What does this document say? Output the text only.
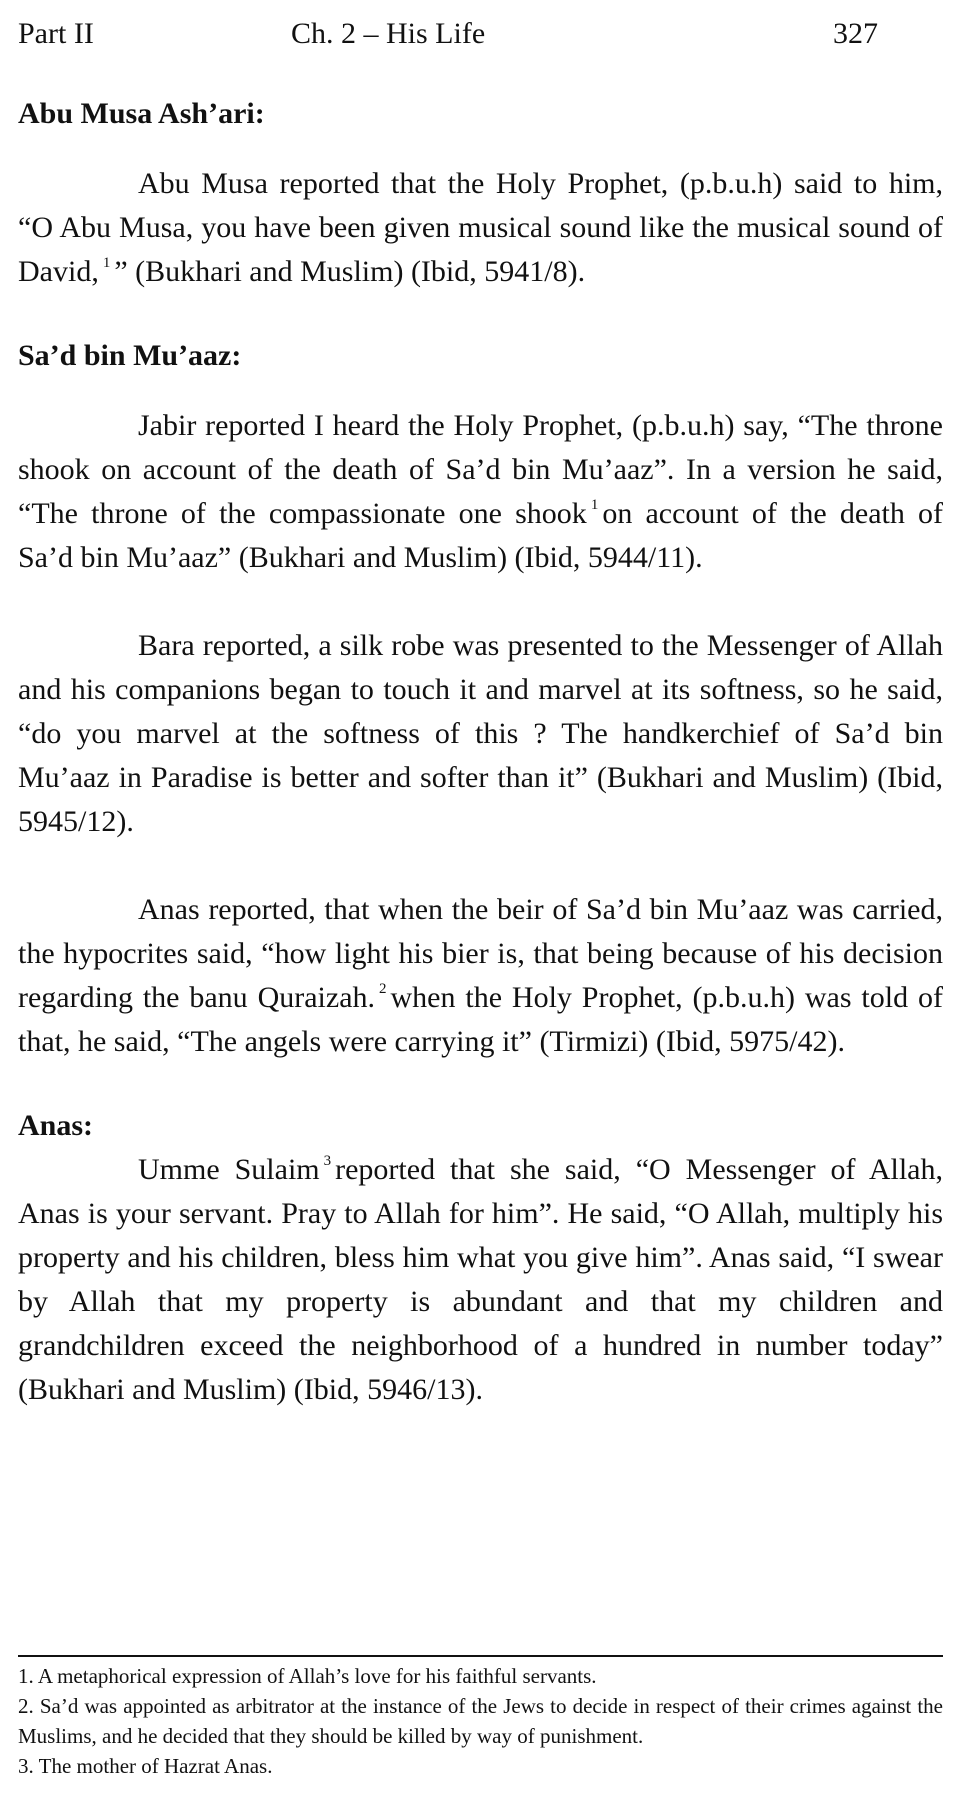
Part II	Ch. 2 – His Life	327
Abu Musa Ash’ari:

Abu Musa reported that the Holy Prophet, (p.b.u.h) said to him, “O Abu Musa, you have been given musical sound like the musical sound of David, $^1$ ” (Bukhari and Muslim) (Ibid, 5941/8).

Sa’d bin Mu’aaz:

Jabir reported I heard the Holy Prophet, (p.b.u.h) say, “The throne shook on account of the death of Sa’d bin Mu’aaz”. In a version he said, “The throne of the compassionate one shook $^1$ on account of the death of Sa’d bin Mu’aaz” (Bukhari and Muslim) (Ibid, 5944/11).

Bara reported, a silk robe was presented to the Messenger of Allah and his companions began to touch it and marvel at its softness, so he said, “do you marvel at the softness of this ? The handkerchief of Sa’d bin Mu’aaz in Paradise is better and softer than it” (Bukhari and Muslim) (Ibid, 5945/12).

Anas reported, that when the beir of Sa’d bin Mu’aaz was carried, the hypocrites said, “how light his bier is, that being because of his decision regarding the banu Quraizah. $^2$ when the Holy Prophet, (p.b.u.h) was told of that, he said, “The angels were carrying it” (Tirmizi) (Ibid, 5975/42).

Anas:

Umme Sulaim $^3$ reported that she said, “O Messenger of Allah, Anas is your servant. Pray to Allah for him”. He said, “O Allah, multiply his property and his children, bless him what you give him”. Anas said, “I swear by Allah that my property is abundant and that my children and grandchildren exceed the neighborhood of a hundred in number today” (Bukhari and Muslim) (Ibid, 5946/13).

1. A metaphorical expression of Allah’s love for his faithful servants.

2. Sa’d was appointed as arbitrator at the instance of the Jews to decide in respect of their crimes against the Muslims, and he decided that they should be killed by way of punishment.

3. The mother of Hazrat Anas.
